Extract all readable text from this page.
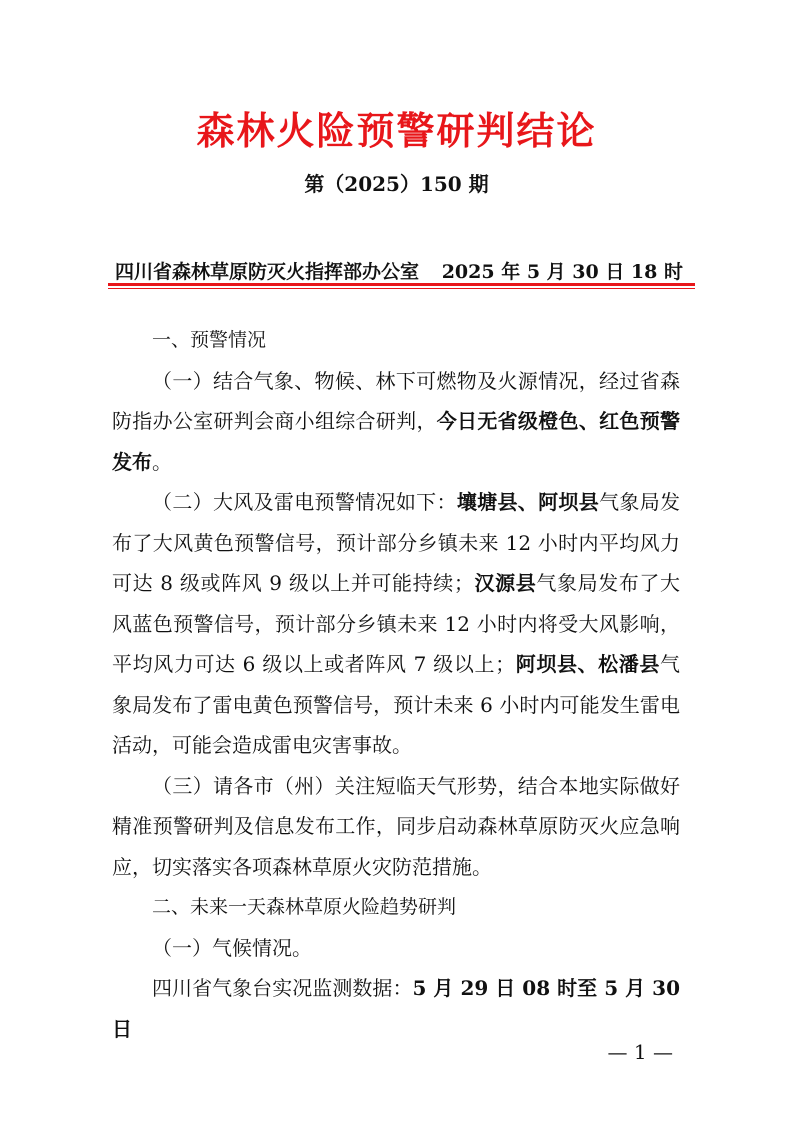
森林火险预警研判结论
第（2025）150 期
四川省森林草原防灭火指挥部办公室 2025 年 5 月 30 日 18 时

一、预警情况

（一）结合气象、物候、林下可燃物及火源情况，经过省森防指办公室研判会商小组综合研判，今日无省级橙色、红色预警发布。

（二）大风及雷电预警情况如下：壤塘县、阿坝县气象局发布了大风黄色预警信号，预计部分乡镇未来 12 小时内平均风力可达 8 级或阵风 9 级以上并可能持续；汉源县气象局发布了大风蓝色预警信号，预计部分乡镇未来 12 小时内将受大风影响，平均风力可达 6 级以上或者阵风 7 级以上；阿坝县、松潘县气象局发布了雷电黄色预警信号，预计未来 6 小时内可能发生雷电活动，可能会造成雷电灾害事故。

（三）请各市（州）关注短临天气形势，结合本地实际做好精准预警研判及信息发布工作，同步启动森林草原防灭火应急响应，切实落实各项森林草原火灾防范措施。

二、未来一天森林草原火险趋势研判

（一）气候情况。

四川省气象台实况监测数据：5 月 29 日 08 时至 5 月 30 日

— 1 —
